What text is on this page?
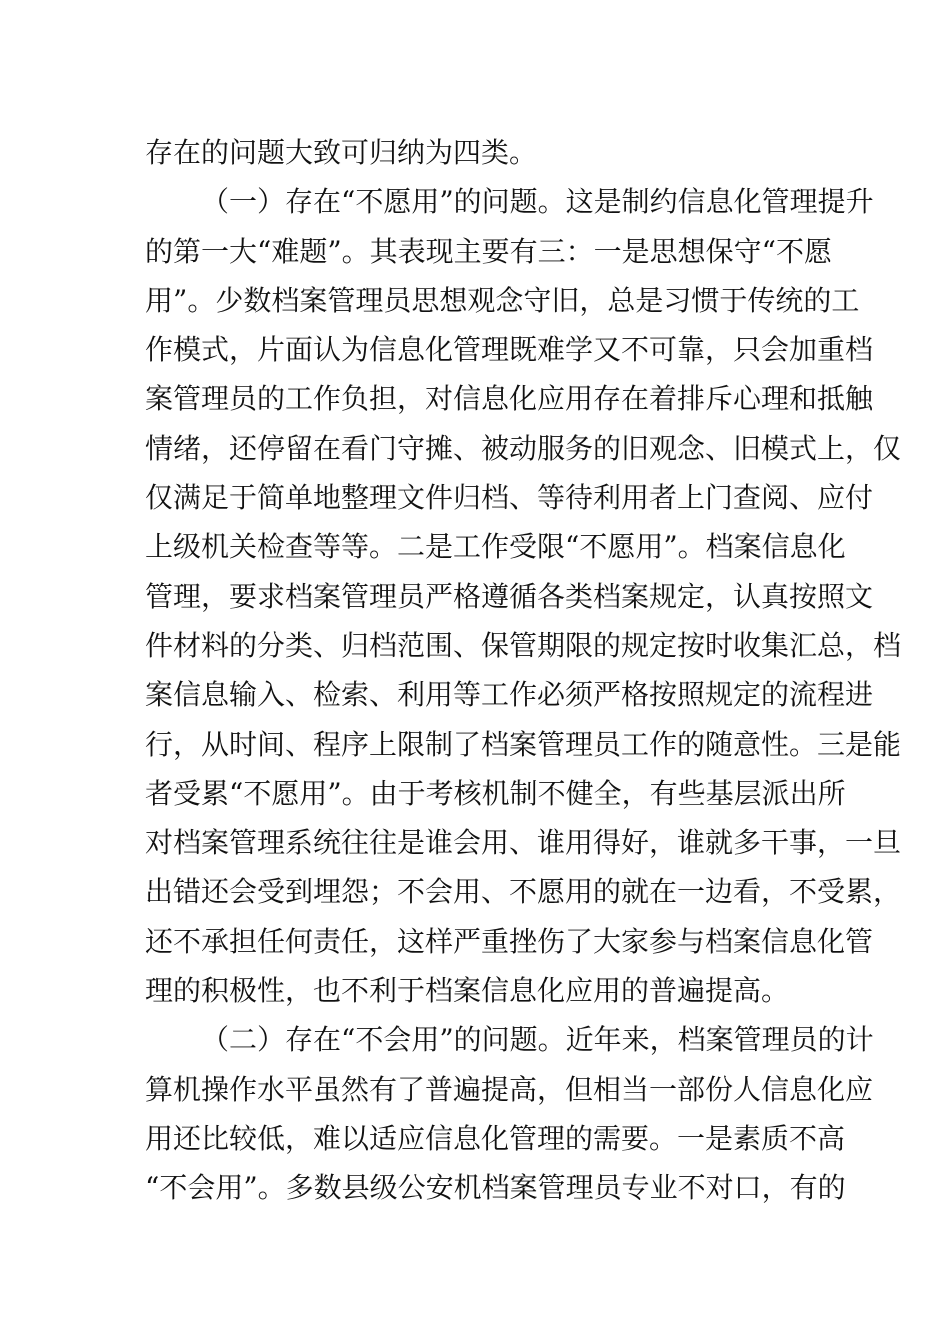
存在的问题大致可归纳为四类。
（一）存在“不愿用”的问题。这是制约信息化管理提升
的第一大“难题”。其表现主要有三：一是思想保守“不愿
用”。少数档案管理员思想观念守旧，总是习惯于传统的工
作模式，片面认为信息化管理既难学又不可靠，只会加重档
案管理员的工作负担，对信息化应用存在着排斥心理和抵触
情绪，还停留在看门守摊、被动服务的旧观念、旧模式上，仅
仅满足于简单地整理文件归档、等待利用者上门查阅、应付
上级机关检查等等。二是工作受限“不愿用”。档案信息化
管理，要求档案管理员严格遵循各类档案规定，认真按照文
件材料的分类、归档范围、保管期限的规定按时收集汇总，档
案信息输入、检索、利用等工作必须严格按照规定的流程进
行，从时间、程序上限制了档案管理员工作的随意性。三是能
者受累“不愿用”。由于考核机制不健全，有些基层派出所
对档案管理系统往往是谁会用、谁用得好，谁就多干事，一旦
出错还会受到埋怨；不会用、不愿用的就在一边看，不受累，
还不承担任何责任，这样严重挫伤了大家参与档案信息化管
理的积极性，也不利于档案信息化应用的普遍提高。
（二）存在“不会用”的问题。近年来，档案管理员的计
算机操作水平虽然有了普遍提高，但相当一部份人信息化应
用还比较低，难以适应信息化管理的需要。一是素质不高
“不会用”。多数县级公安机档案管理员专业不对口，有的
